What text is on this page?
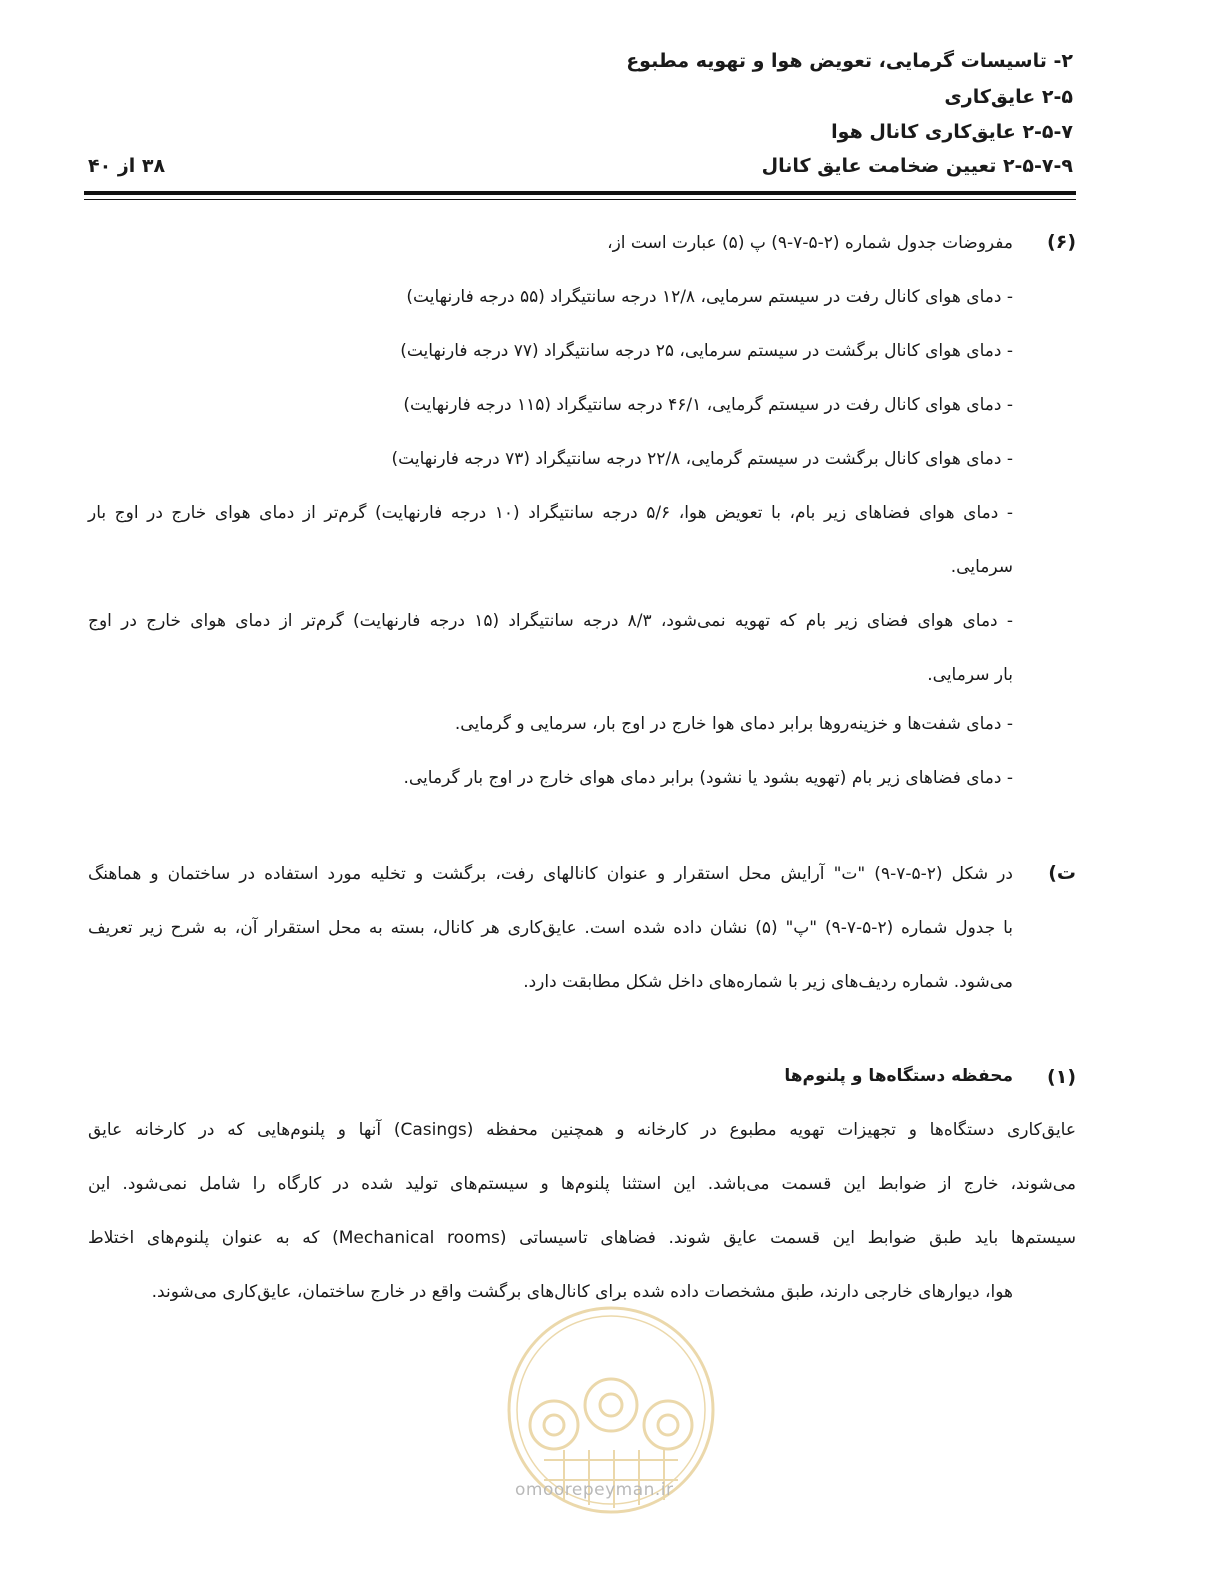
۲- تاسیسات گرمایی، تعویض هوا و تهویه مطبوع
۲-۵ عایق‌کاری
۲-۵-۷ عایق‌کاری کانال هوا
۲-۵-۷-۹ تعیین ضخامت عایق کانال
۳۸ از ۴۰
(۶)
مفروضات جدول شماره (۲-۵-۷-۹) پ (۵) عبارت است از،
- دمای هوای کانال رفت در سیستم سرمایی، ۱۲/۸ درجه سانتیگراد (۵۵ درجه فارنهایت)
- دمای هوای کانال برگشت در سیستم سرمایی، ۲۵ درجه سانتیگراد (۷۷ درجه فارنهایت)
- دمای هوای کانال رفت در سیستم گرمایی، ۴۶/۱ درجه سانتیگراد (۱۱۵ درجه فارنهایت)
- دمای هوای کانال برگشت در سیستم گرمایی، ۲۲/۸ درجه سانتیگراد (۷۳ درجه فارنهایت)
- دمای هوای فضاهای زیر بام، با تعویض هوا، ۵/۶ درجه سانتیگراد (۱۰ درجه فارنهایت) گرم‌تر از دمای هوای خارج در اوج بار
سرمایی.
- دمای هوای فضای زیر بام که تهویه نمی‌شود، ۸/۳ درجه سانتیگراد (۱۵ درجه فارنهایت) گرم‌تر از دمای هوای خارج در اوج
بار سرمایی.
- دمای شفت‌ها و خزینه‌روها برابر دمای هوا خارج در اوج بار، سرمایی و گرمایی.
- دمای فضاهای زیر بام (تهویه بشود یا نشود) برابر دمای هوای خارج در اوج بار گرمایی.
ت)
در شکل (۲-۵-۷-۹) "ت" آرایش محل استقرار و عنوان کانالهای رفت، برگشت و تخلیه مورد استفاده در ساختمان و هماهنگ
با جدول شماره (۲-۵-۷-۹) "پ" (۵) نشان داده شده است. عایق‌کاری هر کانال، بسته به محل استقرار آن، به شرح زیر تعریف
می‌شود. شماره ردیف‌های زیر با شماره‌های داخل شکل مطابقت دارد.
(۱)
محفظه دستگاه‌ها و پلنوم‌ها
عایق‌کاری دستگاه‌ها و تجهیزات تهویه مطبوع در کارخانه و همچنین محفظه (Casings) آنها و پلنوم‌هایی که در کارخانه عایق
می‌شوند، خارج از ضوابط این قسمت می‌باشد. این استثنا پلنوم‌ها و سیستم‌های تولید شده در کارگاه را شامل نمی‌شود. این
سیستم‌ها باید طبق ضوابط این قسمت عایق شوند. فضاهای تاسیساتی (Mechanical rooms) که به عنوان پلنوم‌های اختلاط
هوا، دیوارهای خارجی دارند، طبق مشخصات داده شده برای کانال‌های برگشت واقع در خارج ساختمان، عایق‌کاری می‌شوند.
omoorepeyman.ir
